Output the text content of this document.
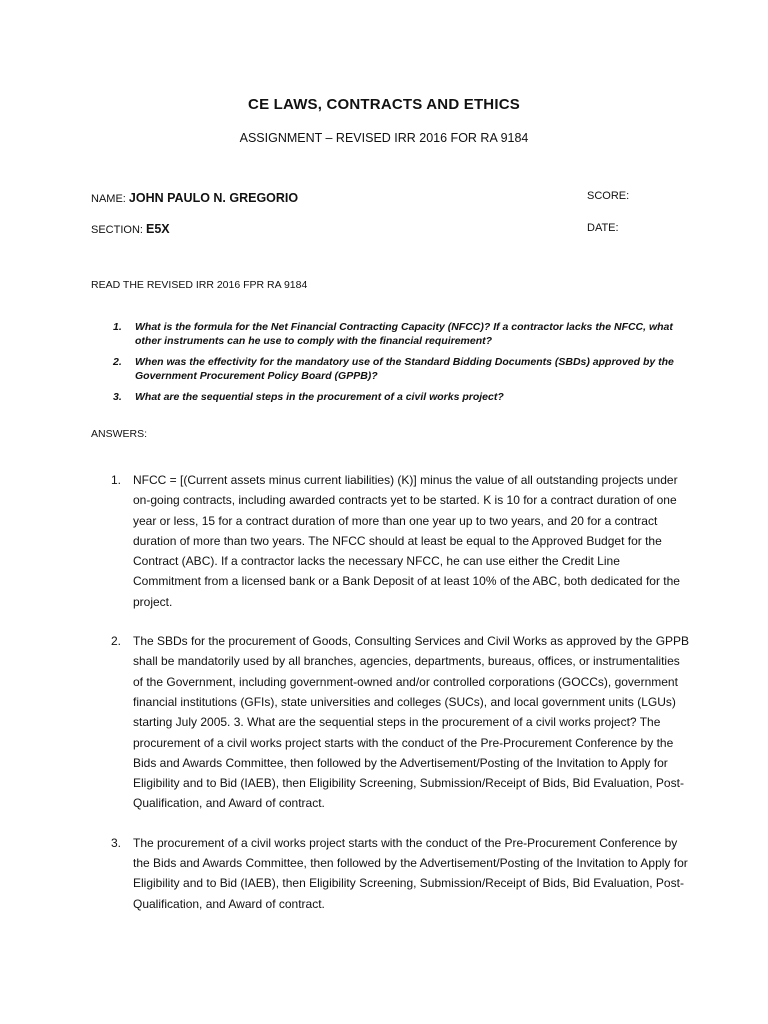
CE LAWS, CONTRACTS AND ETHICS
ASSIGNMENT – REVISED IRR 2016 FOR RA 9184
NAME: JOHN PAULO N. GREGORIO	SCORE:
SECTION: E5X	DATE:
READ THE REVISED IRR 2016 FPR RA 9184
1.	What is the formula for the Net Financial Contracting Capacity (NFCC)? If a contractor lacks the NFCC, what other instruments can he use to comply with the financial requirement?
2.	When was the effectivity for the mandatory use of the Standard Bidding Documents (SBDs) approved by the Government Procurement Policy Board (GPPB)?
3.	What are the sequential steps in the procurement of a civil works project?
ANSWERS:
1. NFCC = [(Current assets minus current liabilities) (K)] minus the value of all outstanding projects under on-going contracts, including awarded contracts yet to be started. K is 10 for a contract duration of one year or less, 15 for a contract duration of more than one year up to two years, and 20 for a contract duration of more than two years. The NFCC should at least be equal to the Approved Budget for the Contract (ABC). If a contractor lacks the necessary NFCC, he can use either the Credit Line Commitment from a licensed bank or a Bank Deposit of at least 10% of the ABC, both dedicated for the project.
2. The SBDs for the procurement of Goods, Consulting Services and Civil Works as approved by the GPPB shall be mandatorily used by all branches, agencies, departments, bureaus, offices, or instrumentalities of the Government, including government-owned and/or controlled corporations (GOCCs), government financial institutions (GFIs), state universities and colleges (SUCs), and local government units (LGUs) starting July 2005. 3. What are the sequential steps in the procurement of a civil works project? The procurement of a civil works project starts with the conduct of the Pre-Procurement Conference by the Bids and Awards Committee, then followed by the Advertisement/Posting of the Invitation to Apply for Eligibility and to Bid (IAEB), then Eligibility Screening, Submission/Receipt of Bids, Bid Evaluation, Post-Qualification, and Award of contract.
3. The procurement of a civil works project starts with the conduct of the Pre-Procurement Conference by the Bids and Awards Committee, then followed by the Advertisement/Posting of the Invitation to Apply for Eligibility and to Bid (IAEB), then Eligibility Screening, Submission/Receipt of Bids, Bid Evaluation, Post-Qualification, and Award of contract.
